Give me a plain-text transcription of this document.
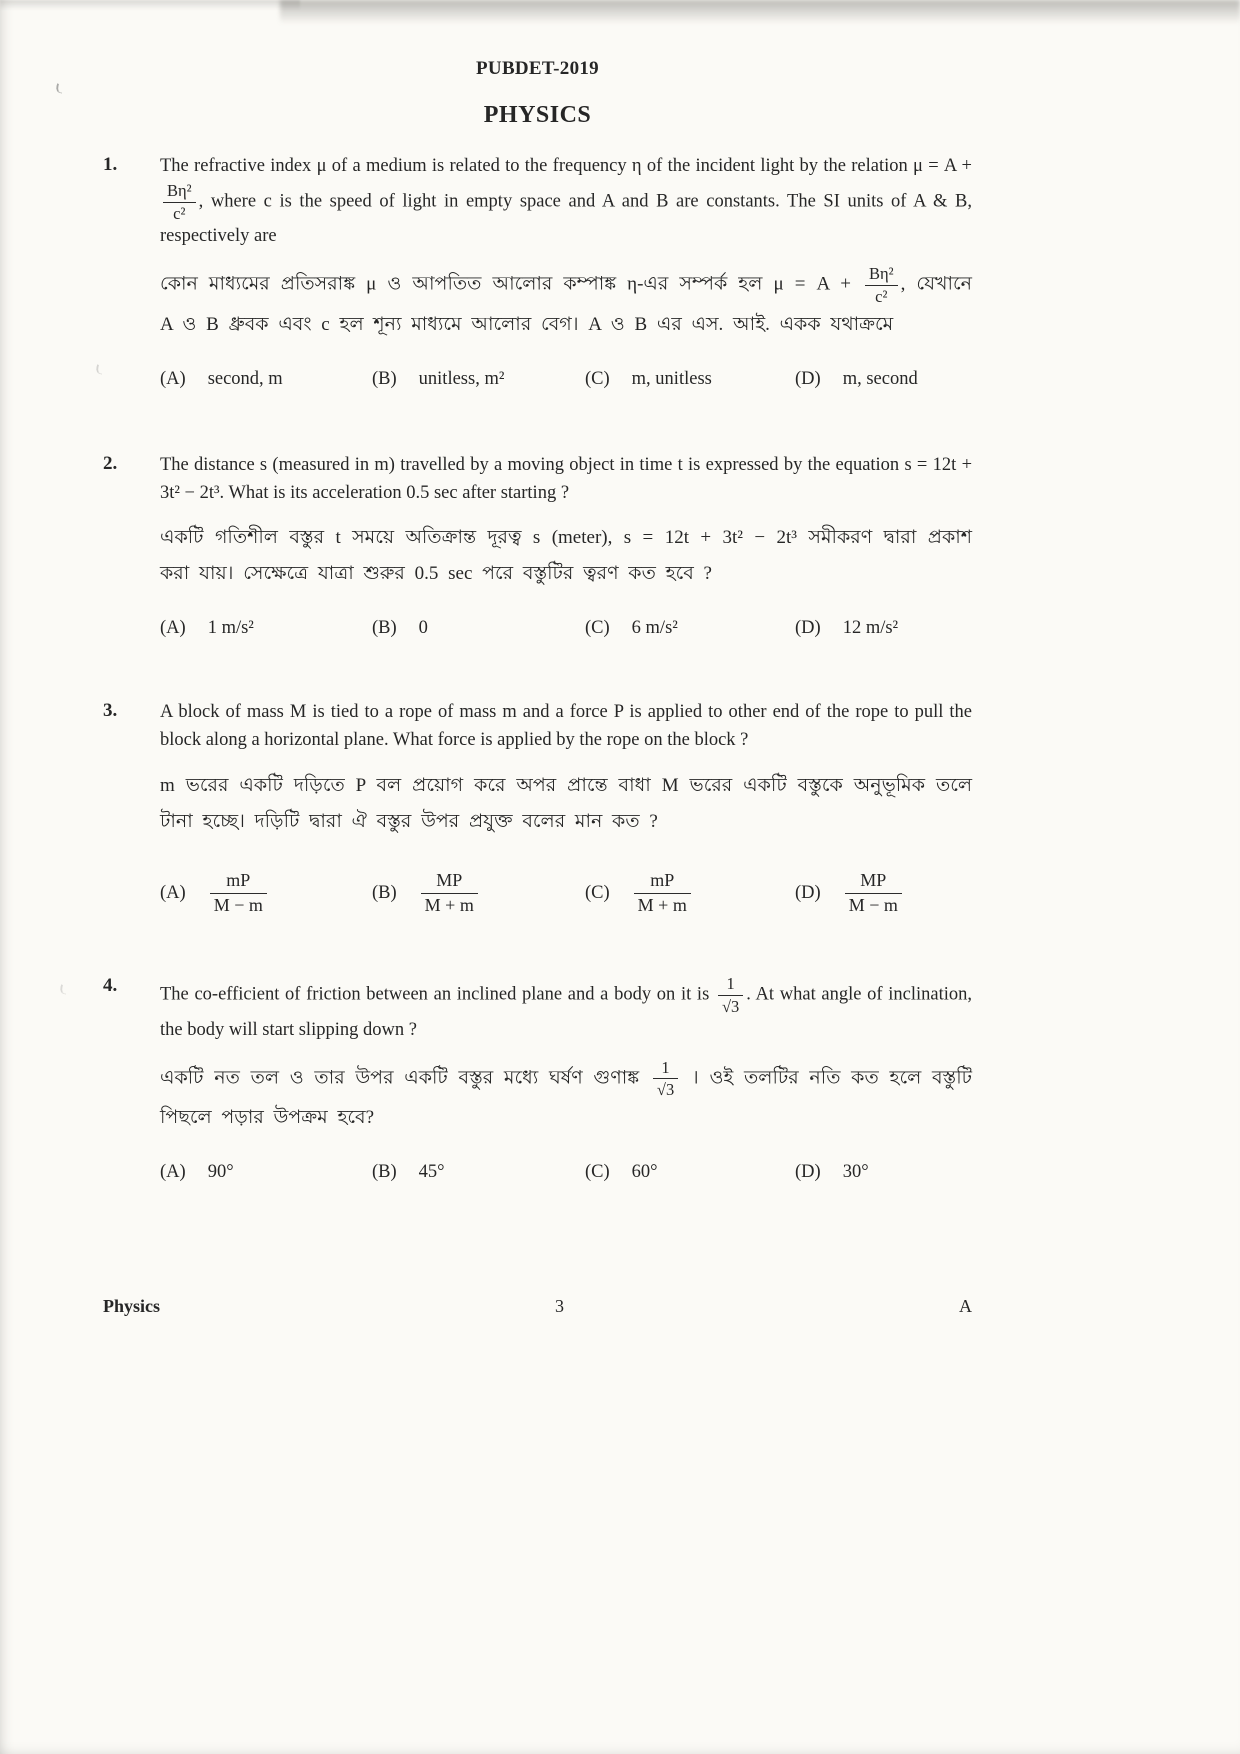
PUBDET-2019
PHYSICS
1.	The refractive index μ of a medium is related to the frequency η of the incident light by the relation μ = A +
$\frac{\text{Bη²}}{\text{c²}}$ , where c is the speed of light in empty space and A and B are constants. The SI units of A & B, respectively are

কোন মাধ্যমের প্রতিসরাঙ্ক μ ও আপতিত আলোর কম্পাঙ্ক η-এর সম্পর্ক হল $\mu = A + \frac{\text{Bη²}}{\text{c²}}$ , যেখানে A ও B ধ্রুবক এবং c হল শূন্য মাধ্যমে আলোর বেগ। A ও B এর এস. আই. একক যথাক্রমে

(A) second, m	(B) unitless, m²	(C) m, unitless	(D) m, second
2.	The distance s (measured in m) travelled by a moving object in time t is expressed by the equation s = 12t + 3t² − 2t³. What is its acceleration 0.5 sec after starting ?

একটি গতিশীল বস্তুর t সময়ে অতিক্রান্ত দূরত্ব s (meter), s = 12t + 3t² − 2t³ সমীকরণ দ্বারা প্রকাশ করা যায়। সেক্ষেত্রে যাত্রা শুরুর 0.5 sec পরে বস্তুটির ত্বরণ কত হবে ?

(A) 1 m/s²	(B) 0	(C) 6 m/s²	(D) 12 m/s²
3.	A block of mass M is tied to a rope of mass m and a force P is applied to other end of the rope to pull the block along a horizontal plane. What force is applied by the rope on the block ?

m ভরের একটি দড়িতে P বল প্রয়োগ করে অপর প্রান্তে বাধা M ভরের একটি বস্তুকে অনুভূমিক তলে টানা হচ্ছে। দড়িটি দ্বারা ঐ বস্তুর উপর প্রযুক্ত বলের মান কত ?

$(A) \frac{mP}{M - m}$	$(B) \frac{MP}{M + m}$	$(C) \frac{mP}{M + m}$	$(D) \frac{MP}{M - m}$
4.	The co-efficient of friction between an inclined plane and a body on it is $\frac{1}{√3}$ . At what angle of inclination, the body will start slipping down ?

একটি নত তল ও তার উপর একটি বস্তুর মধ্যে ঘর্ষণ গুণাঙ্ক $\frac{1}{√3}$ । ওই তলটির নতি কত হলে বস্তুটি পিছলে পড়ার উপক্রম হবে?

(A) 90°	(B) 45°	(C) 60°	(D) 30°
Physics	3	A
